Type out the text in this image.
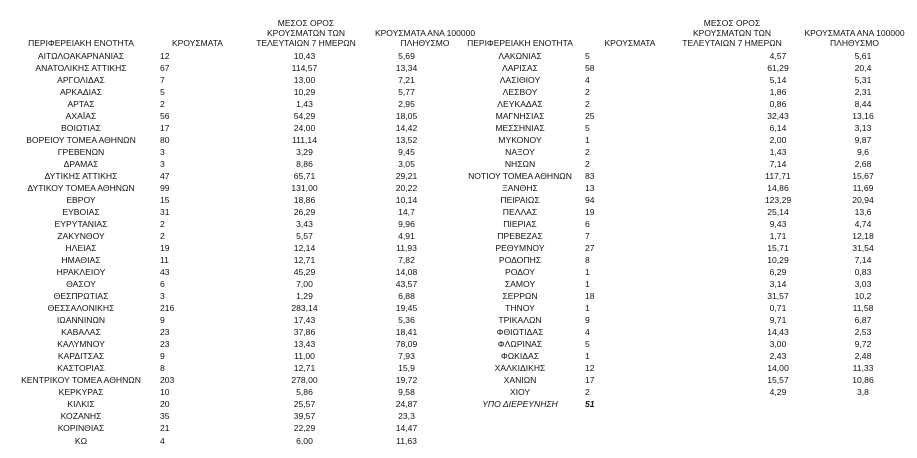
ΠΕΡΙΦΕΡΕΙΑΚΗ ΕΝΟΤΗΤΑ	ΚΡΟΥΣΜΑΤΑ
ΜΕΣΟΣ ΟΡΟΣ
ΚΡΟΥΣΜΑΤΩΝ ΤΩΝ
ΤΕΛΕΥΤΑΙΩΝ 7 ΗΜΕΡΩΝ
ΚΡΟΥΣΜΑΤΑ ΑΝΑ 100000
ΠΛΗΘΥΣΜΟ	ΠΕΡΙΦΕΡΕΙΑΚΗ ΕΝΟΤΗΤΑ	ΚΡΟΥΣΜΑΤΑ
ΜΕΣΟΣ ΟΡΟΣ
ΚΡΟΥΣΜΑΤΩΝ ΤΩΝ
ΤΕΛΕΥΤΑΙΩΝ 7 ΗΜΕΡΩΝ
ΚΡΟΥΣΜΑΤΑ ΑΝΑ 100000
ΠΛΗΘΥΣΜΟ
ΑΙΤΩΛΟΑΚΑΡΝΑΝΙΑΣ	12	10,43	5,69
ΑΝΑΤΟΛΙΚΗΣ ΑΤΤΙΚΗΣ	67	114,57	13,34
ΑΡΓΟΛΙΔΑΣ	7	13,00	7,21
ΑΡΚΑΔΙΑΣ	5	10,29	5,77
ΑΡΤΑΣ	2	1,43	2,95
ΑΧΑΪΑΣ	56	54,29	18,05
ΒΟΙΩΤΙΑΣ	17	24,00	14,42
ΒΟΡΕΙΟΥ ΤΟΜΕΑ ΑΘΗΝΩΝ	80	111,14	13,52
ΓΡΕΒΕΝΩΝ	3	3,29	9,45
ΔΡΑΜΑΣ	3	8,86	3,05
ΔΥΤΙΚΗΣ ΑΤΤΙΚΗΣ	47	65,71	29,21
ΔΥΤΙΚΟΥ ΤΟΜΕΑ ΑΘΗΝΩΝ	99	131,00	20,22
ΕΒΡΟΥ	15	18,86	10,14
ΕΥΒΟΙΑΣ	31	26,29	14,7
ΕΥΡΥΤΑΝΙΑΣ	2	3,43	9,96
ΖΑΚΥΝΘΟΥ	2	5,57	4,91
ΗΛΕΙΑΣ	19	12,14	11,93
ΗΜΑΘΙΑΣ	11	12,71	7,82
ΗΡΑΚΛΕΙΟΥ	43	45,29	14,08
ΘΑΣΟΥ	6	7,00	43,57
ΘΕΣΠΡΩΤΙΑΣ	3	1,29	6,88
ΘΕΣΣΑΛΟΝΙΚΗΣ	216	283,14	19,45
ΙΩΑΝΝΙΝΩΝ	9	17,43	5,36
ΚΑΒΑΛΑΣ	23	37,86	18,41
ΚΑΛΥΜΝΟΥ	23	13,43	78,09
ΚΑΡΔΙΤΣΑΣ	9	11,00	7,93
ΚΑΣΤΟΡΙΑΣ	8	12,71	15,9
ΚΕΝΤΡΙΚΟΥ ΤΟΜΕΑ ΑΘΗΝΩΝ	203	278,00	19,72
ΚΕΡΚΥΡΑΣ	10	5,86	9,58
ΚΙΛΚΙΣ	20	25,57	24,87
ΚΟΖΑΝΗΣ	35	39,57	23,3
ΚΟΡΙΝΘΙΑΣ	21	22,29	14,47
ΚΩ	4	6,00	11,63
ΛΑΚΩΝΙΑΣ	5	4,57	5,61
ΛΑΡΙΣΑΣ	58	61,29	20,4
ΛΑΣΙΘΙΟΥ	4	5,14	5,31
ΛΕΣΒΟΥ	2	1,86	2,31
ΛΕΥΚΑΔΑΣ	2	0,86	8,44
ΜΑΓΝΗΣΙΑΣ	25	32,43	13,16
ΜΕΣΣΗΝΙΑΣ	5	6,14	3,13
ΜΥΚΟΝΟΥ	1	2,00	9,87
ΝΑΞΟΥ	2	1,43	9,6
ΝΗΣΩΝ	2	7,14	2,68
ΝΟΤΙΟΥ ΤΟΜΕΑ ΑΘΗΝΩΝ	83	117,71	15,67
ΞΑΝΘΗΣ	13	14,86	11,69
ΠΕΙΡΑΙΩΣ	94	123,29	20,94
ΠΕΛΛΑΣ	19	25,14	13,6
ΠΙΕΡΙΑΣ	6	9,43	4,74
ΠΡΕΒΕΖΑΣ	7	1,71	12,18
ΡΕΘΥΜΝΟΥ	27	15,71	31,54
ΡΟΔΟΠΗΣ	8	10,29	7,14
ΡΟΔΟΥ	1	6,29	0,83
ΣΑΜΟΥ	1	3,14	3,03
ΣΕΡΡΩΝ	18	31,57	10,2
ΤΗΝΟΥ	1	0,71	11,58
ΤΡΙΚΑΛΩΝ	9	9,71	6,87
ΦΘΙΩΤΙΔΑΣ	4	14,43	2,53
ΦΛΩΡΙΝΑΣ	5	3,00	9,72
ΦΩΚΙΔΑΣ	1	2,43	2,48
ΧΑΛΚΙΔΙΚΗΣ	12	14,00	11,33
ΧΑΝΙΩΝ	17	15,57	10,86
ΧΙΟΥ	2	4,29	3,8
ΥΠΟ ΔΙΕΡΕΥΝΗΣΗ	51		
